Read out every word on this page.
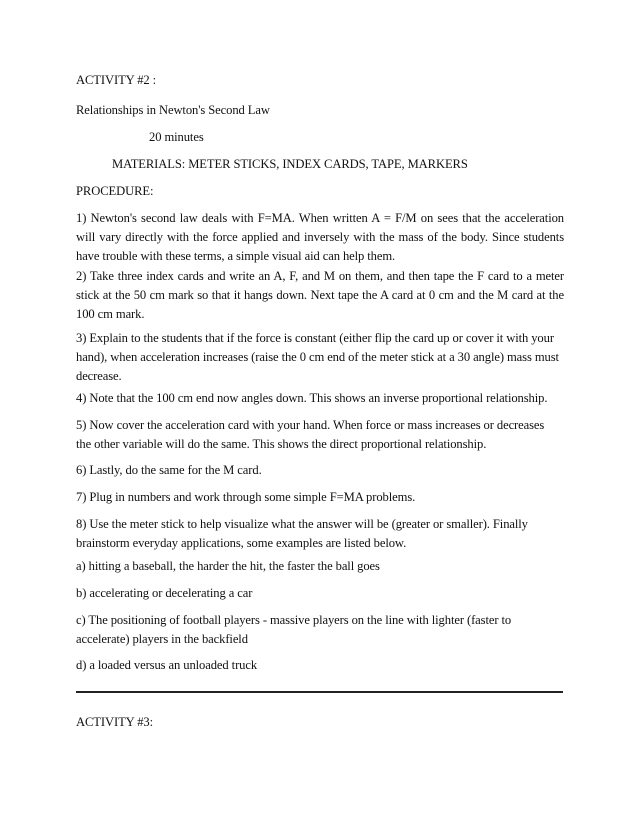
ACTIVITY #2 :
Relationships in Newton's Second Law
20 minutes
MATERIALS: METER STICKS, INDEX CARDS, TAPE, MARKERS
PROCEDURE:
1) Newton's second law deals with F=MA. When written A = F/M on sees that the acceleration will vary directly with the force applied and inversely with the mass of the body. Since students have trouble with these terms, a simple visual aid can help them.
2) Take three index cards and write an A, F, and M on them, and then tape the F card to a meter stick at the 50 cm mark so that it hangs down. Next tape the A card at 0 cm and the M card at the 100 cm mark.
3) Explain to the students that if the force is constant (either flip the card up or cover it with your hand), when acceleration increases (raise the 0 cm end of the meter stick at a 30 angle) mass must decrease.
4) Note that the 100 cm end now angles down. This shows an inverse proportional relationship.
5) Now cover the acceleration card with your hand. When force or mass increases or decreases the other variable will do the same. This shows the direct proportional relationship.
6) Lastly, do the same for the M card.
7) Plug in numbers and work through some simple F=MA problems.
8) Use the meter stick to help visualize what the answer will be (greater or smaller). Finally brainstorm everyday applications, some examples are listed below.
a) hitting a baseball, the harder the hit, the faster the ball goes
b) accelerating or decelerating a car
c) The positioning of football players - massive players on the line with lighter (faster to accelerate) players in the backfield
d) a loaded versus an unloaded truck
ACTIVITY #3:
